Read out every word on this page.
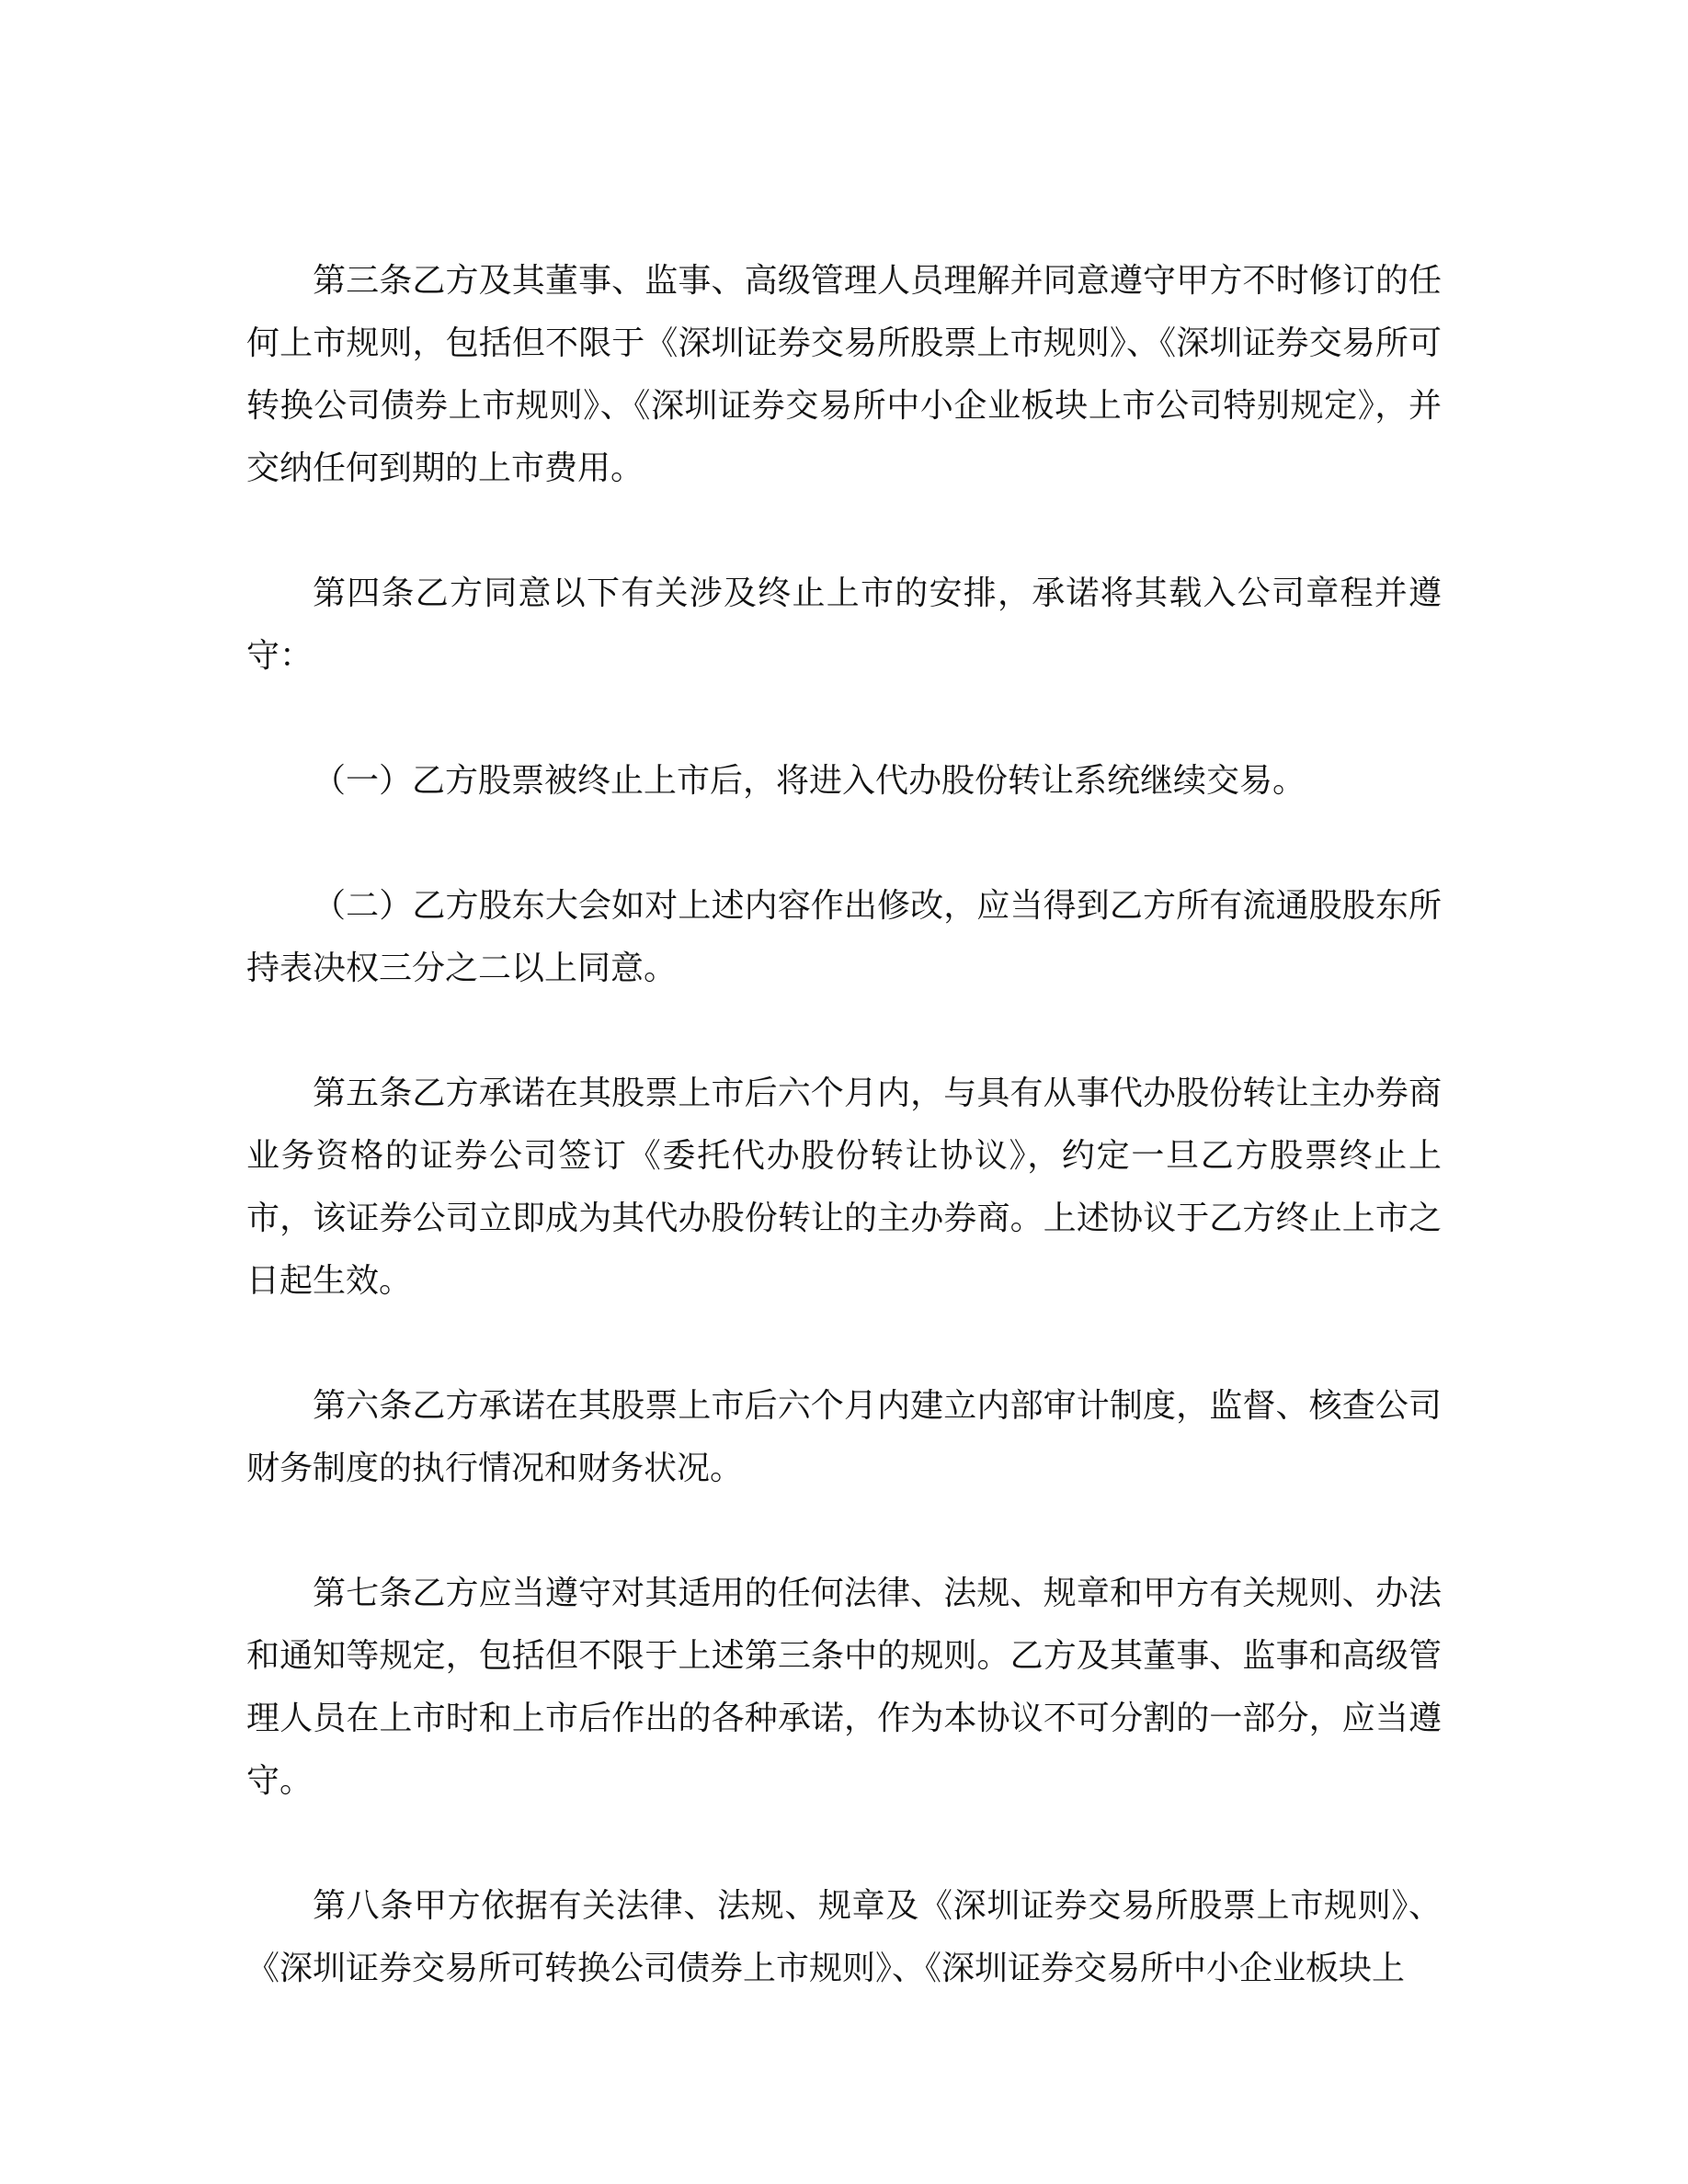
第三条乙方及其董事、监事、高级管理人员理解并同意遵守甲方不时修订的任何上市规则，包括但不限于《深圳证券交易所股票上市规则》、《深圳证券交易所可转换公司债券上市规则》、《深圳证券交易所中小企业板块上市公司特别规定》，并交纳任何到期的上市费用。

第四条乙方同意以下有关涉及终止上市的安排，承诺将其载入公司章程并遵守：

（一）乙方股票被终止上市后，将进入代办股份转让系统继续交易。

（二）乙方股东大会如对上述内容作出修改，应当得到乙方所有流通股股东所持表决权三分之二以上同意。

第五条乙方承诺在其股票上市后六个月内，与具有从事代办股份转让主办券商业务资格的证券公司签订《委托代办股份转让协议》，约定一旦乙方股票终止上市，该证券公司立即成为其代办股份转让的主办券商。上述协议于乙方终止上市之日起生效。

第六条乙方承诺在其股票上市后六个月内建立内部审计制度，监督、核查公司财务制度的执行情况和财务状况。

第七条乙方应当遵守对其适用的任何法律、法规、规章和甲方有关规则、办法和通知等规定，包括但不限于上述第三条中的规则。乙方及其董事、监事和高级管理人员在上市时和上市后作出的各种承诺，作为本协议不可分割的一部分，应当遵守。

第八条甲方依据有关法律、法规、规章及《深圳证券交易所股票上市规则》、《深圳证券交易所可转换公司债券上市规则》、《深圳证券交易所中小企业板块上
